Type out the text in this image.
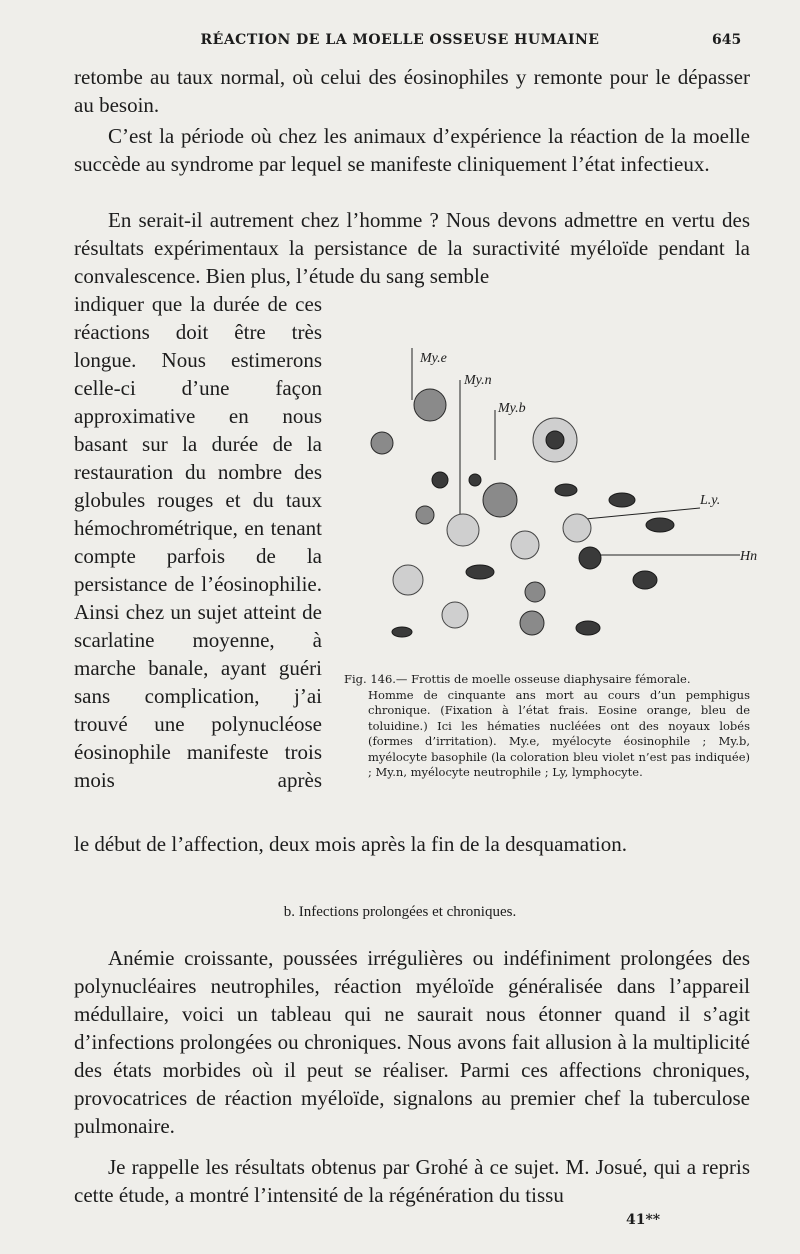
RÉACTION DE LA MOELLE OSSEUSE HUMAINE	645
retombe au taux normal, où celui des éosinophiles y remonte pour le dépasser au besoin.
C’est la période où chez les animaux d’expérience la réaction de la moelle succède au syndrome par lequel se manifeste cliniquement l’état infectieux.
En serait-il autrement chez l’homme ? Nous devons admettre en vertu des résultats expérimentaux la persistance de la suractivité myéloïde pendant la convalescence. Bien plus, l’étude du sang semble
indiquer que la durée de ces réactions doit être très longue. Nous estimerons celle-ci d’une façon approximative en nous basant sur la durée de la restauration du nombre des globules rouges et du taux hémochrométrique, en tenant compte parfois de la persistance de l’éosinophilie. Ainsi chez un sujet atteint de scarlatine moyenne, à marche banale, ayant guéri sans complication, j’ai trouvé une polynucléose éosinophile manifeste trois mois après
My.e
My.n
My.b
L.y.
Hn
Fig. 146.— Frottis de moelle osseuse diaphysaire fémorale.
Homme de cinquante ans mort au cours d’un pemphigus chronique. (Fixation à l’état frais. Eosine orange, bleu de toluidine.) Ici les hématies nucléées ont des noyaux lobés (formes d’irritation). My.e, myélocyte éosinophile ; My.b, myélocyte basophile (la coloration bleu violet n’est pas indiquée) ; My.n, myélocyte neutrophile ; Ly, lymphocyte.
le début de l’affection, deux mois après la fin de la desquamation.
b. Infections prolongées et chroniques.
Anémie croissante, poussées irrégulières ou indéfiniment prolongées des polynucléaires neutrophiles, réaction myéloïde généralisée dans l’appareil médullaire, voici un tableau qui ne saurait nous étonner quand il s’agit d’infections prolongées ou chroniques. Nous avons fait allusion à la multiplicité des états morbides où il peut se réaliser. Parmi ces affections chroniques, provocatrices de réaction myéloïde, signalons au premier chef la tuberculose pulmonaire.
Je rappelle les résultats obtenus par Grohé à ce sujet. M. Josué, qui a repris cette étude, a montré l’intensité de la régénération du tissu
41**
